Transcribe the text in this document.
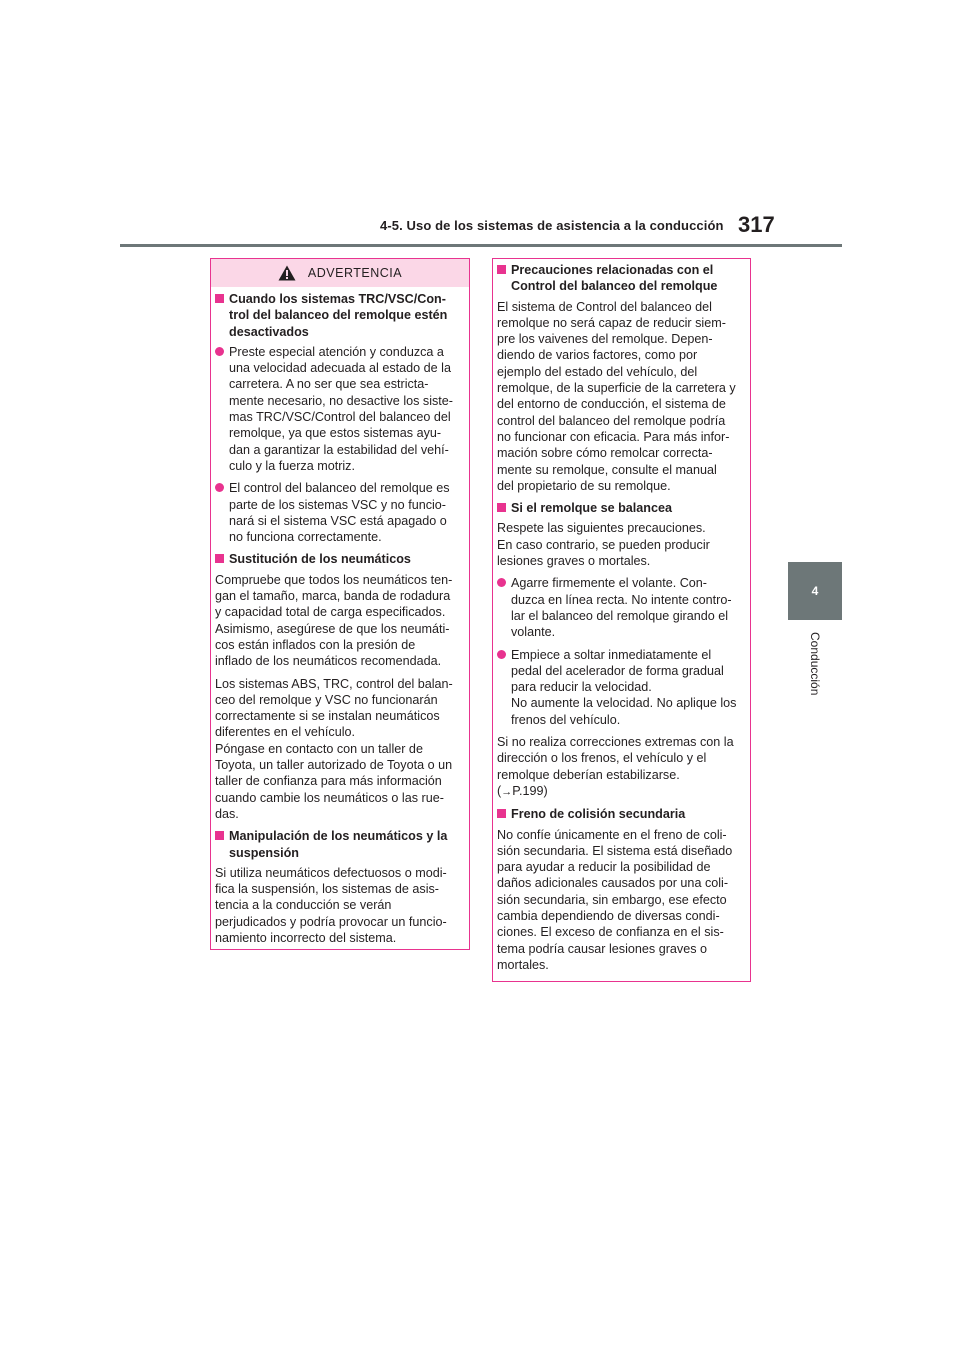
4-5. Uso de los sistemas de asistencia a la conducción 317
4
Conducción
ADVERTENCIA
Cuando los sistemas TRC/VSC/Con-
trol del balanceo del remolque estén
desactivados
Preste especial atención y conduzca a
una velocidad adecuada al estado de la
carretera. A no ser que sea estricta-
mente necesario, no desactive los siste-
mas TRC/VSC/Control del balanceo del
remolque, ya que estos sistemas ayu-
dan a garantizar la estabilidad del vehí-
culo y la fuerza motriz.
El control del balanceo del remolque es
parte de los sistemas VSC y no funcio-
nará si el sistema VSC está apagado o
no funciona correctamente.
Sustitución de los neumáticos

Compruebe que todos los neumáticos ten-
gan el tamaño, marca, banda de rodadura
y capacidad total de carga especificados.
Asimismo, asegúrese de que los neumáti-
cos están inflados con la presión de
inflado de los neumáticos recomendada.

Los sistemas ABS, TRC, control del balan-
ceo del remolque y VSC no funcionarán
correctamente si se instalan neumáticos
diferentes en el vehículo.
Póngase en contacto con un taller de
Toyota, un taller autorizado de Toyota o un
taller de confianza para más información
cuando cambie los neumáticos o las rue-
das.

Manipulación de los neumáticos y la
suspensión

Si utiliza neumáticos defectuosos o modi-
fica la suspensión, los sistemas de asis-
tencia a la conducción se verán
perjudicados y podría provocar un funcio-
namiento incorrecto del sistema.

Precauciones relacionadas con el
Control del balanceo del remolque

El sistema de Control del balanceo del
remolque no será capaz de reducir siem-
pre los vaivenes del remolque. Depen-
diendo de varios factores, como por
ejemplo del estado del vehículo, del
remolque, de la superficie de la carretera y
del entorno de conducción, el sistema de
control del balanceo del remolque podría
no funcionar con eficacia. Para más infor-
mación sobre cómo remolcar correcta-
mente su remolque, consulte el manual
del propietario de su remolque.

Si el remolque se balancea

Respete las siguientes precauciones.
En caso contrario, se pueden producir
lesiones graves o mortales.

Agarre firmemente el volante. Con-
duzca en línea recta. No intente contro-
lar el balanceo del remolque girando el
volante.
Empiece a soltar inmediatamente el
pedal del acelerador de forma gradual
para reducir la velocidad.
No aumente la velocidad. No aplique los
frenos del vehículo.

Si no realiza correcciones extremas con la
dirección o los frenos, el vehículo y el
remolque deberían estabilizarse.
(→P.199)

Freno de colisión secundaria

No confíe únicamente en el freno de coli-
sión secundaria. El sistema está diseñado
para ayudar a reducir la posibilidad de
daños adicionales causados por una coli-
sión secundaria, sin embargo, ese efecto
cambia dependiendo de diversas condi-
ciones. El exceso de confianza en el sis-
tema podría causar lesiones graves o
mortales.
